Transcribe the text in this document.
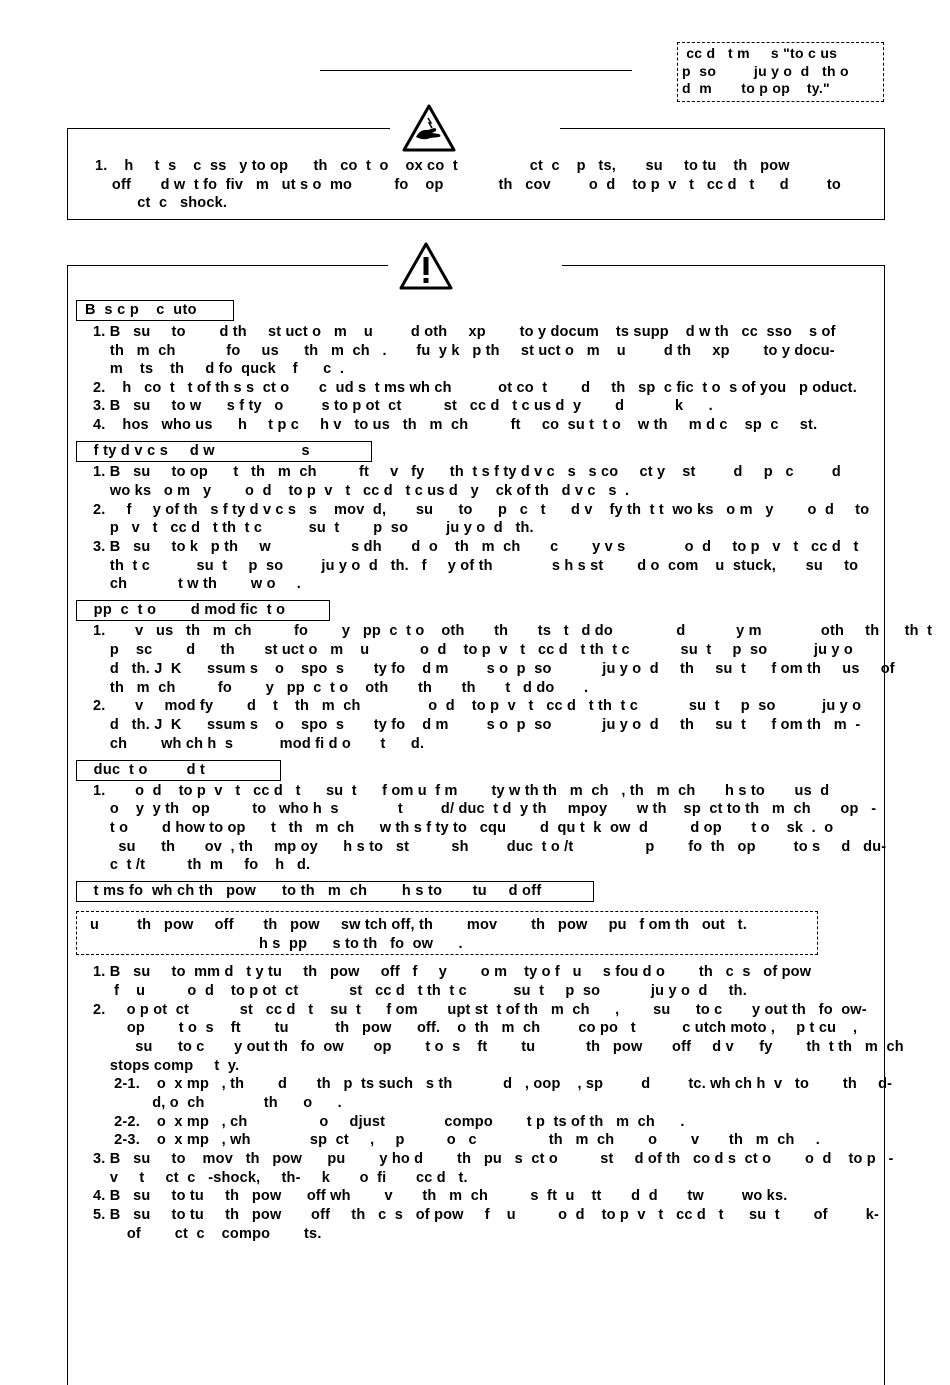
cc d   t m     s "to c us
p  so         ju y o  d   th o
d  m       to p op    ty."
1.    h     t  s    c  ss   y to op      th   co  t  o    ox co  t                 ct  c    p   ts,       su     to tu    th   pow
off       d w  t fo  fiv   m   ut s o  mo          fo    op             th   cov         o  d    to p  v   t   cc d   t      d         to
ct  c   shock.
B  s c p    c  uto
1. B   su     to        d th     st uct o   m    u         d oth     xp        to y docum    ts supp    d w th   cc  sso    s of
th   m  ch            fo     us      th   m  ch   .       fu  y k   p th     st uct o   m    u         d th     xp        to y docu-
m    ts    th     d fo  quck    f      c  .
2.    h   co  t   t of th s s  ct o       c  ud s  t ms wh ch           ot co  t        d     th   sp  c fic  t o  s of you   p oduct.
3. B   su     to w      s f ty   o         s to p ot  ct          st   cc d   t c us d  y        d            k      .
4.    hos   who us      h     t p c     h v   to us   th   m  ch          ft     co  su t  t o    w th     m d c    sp  c     st.
f ty d v c s     d w                    s
1. B   su     to op      t   th   m  ch          ft     v   fy      th  t s f ty d v c   s   s co     ct y    st         d     p   c         d
wo ks   o m   y        o  d    to p  v   t   cc d   t c us d   y    ck of th   d v c   s  .
2.     f     y of th   s f ty d v c s   s    mov  d,       su      to      p   c   t      d v    fy th  t t  wo ks   o m   y        o  d     to
p   v   t   cc d   t th  t c           su  t        p  so         ju y o  d   th.
3. B   su     to k   p th     w                   s dh       d  o    th   m  ch       c        y v s              o  d     to p   v   t   cc d   t
th  t c           su  t     p  so         ju y o  d   th.   f     y of th              s h s st        d o  com    u  stuck,       su     to
ch            t w th        w o     .
pp  c  t o        d mod fic  t o
1.       v   us   th   m  ch          fo        y   pp  c  t o    oth       th       ts   t   d do               d            y m              oth     th      th  t
p    sc        d      th       st uct o   m    u            o  d    to p  v   t   cc d   t th  t c            su  t     p  so           ju y o
d   th. J  K      ssum s    o    spo  s       ty fo    d m         s o  p  so            ju y o  d     th     su  t      f om th     us     of
th   m  ch          fo        y   pp  c  t o    oth       th       th       t   d do       .
2.       v     mod fy        d    t    th   m  ch                o  d    to p  v   t   cc d   t th  t c            su  t     p  so           ju y o
d   th. J  K      ssum s    o    spo  s       ty fo    d m         s o  p  so            ju y o  d     th     su  t      f om th   m  -
ch        wh ch h  s           mod fi d o       t      d.
duc  t o         d t
1.       o  d    to p  v   t   cc d   t      su  t      f om u  f m        ty w th th   m  ch   , th   m  ch       h s to       us  d
o    y  y th   op          to   who h  s              t         d/ duc  t d  y th     mpoy       w th    sp  ct to th   m  ch       op   -
t o        d how to op      t   th   m  ch      w th s f ty to   cqu        d  qu t  k  ow  d          d op       t o    sk  .  o
su      th       ov  , th     mp oy      h s to   st          sh         duc  t o /t                 p        fo  th   op         to s     d   du-
c  t /t          th  m     fo    h   d.
t ms fo  wh ch th   pow      to th   m  ch        h s to       tu     d off
u         th   pow     off       th   pow     sw tch off, th        mov        th   pow     pu   f om th   out   t.
h s  pp      s to th   fo  ow      .
1. B   su     to  mm d   t y tu     th   pow     off   f     y        o m    ty o f   u     s fou d o        th   c  s   of pow
f    u          o  d    to p ot  ct            st   cc d   t th  t c           su  t     p  so            ju y o  d     th.
2.     o p ot  ct            st   cc d   t    su  t      f om       upt st  t of th   m  ch      ,        su      to c       y out th   fo  ow-
op        t o  s    ft        tu           th   pow      off.    o  th   m  ch         co po   t           c utch moto ,     p t cu    ,
su      to c       y out th   fo  ow       op        t o  s    ft        tu            th   pow       off     d v      fy        th  t th   m  ch
stops comp     t  y.
2-1.    o  x mp   , th        d       th   p  ts such   s th            d   , oop    , sp         d         tc. wh ch h  v   to        th     d-
d, o  ch              th      o      .
2-2.    o  x mp   , ch                 o     djust              compo        t p  ts of th   m  ch      .
2-3.    o  x mp   , wh              sp  ct     ,     p          o   c                 th   m  ch        o        v       th   m  ch     .
3. B   su     to    mov   th   pow      pu        y ho d        th   pu   s  ct o          st     d of th   co d s  ct o        o  d    to p   -
v     t     ct  c   -shock,     th-     k       o  fi       cc d   t.
4. B   su     to tu     th   pow      off wh        v       th   m  ch          s  ft  u    tt       d  d       tw         wo ks.
5. B   su     to tu     th   pow       off     th   c  s   of pow     f    u          o  d    to p  v   t   cc d   t      su  t        of         k-
of        ct  c    compo        ts.
